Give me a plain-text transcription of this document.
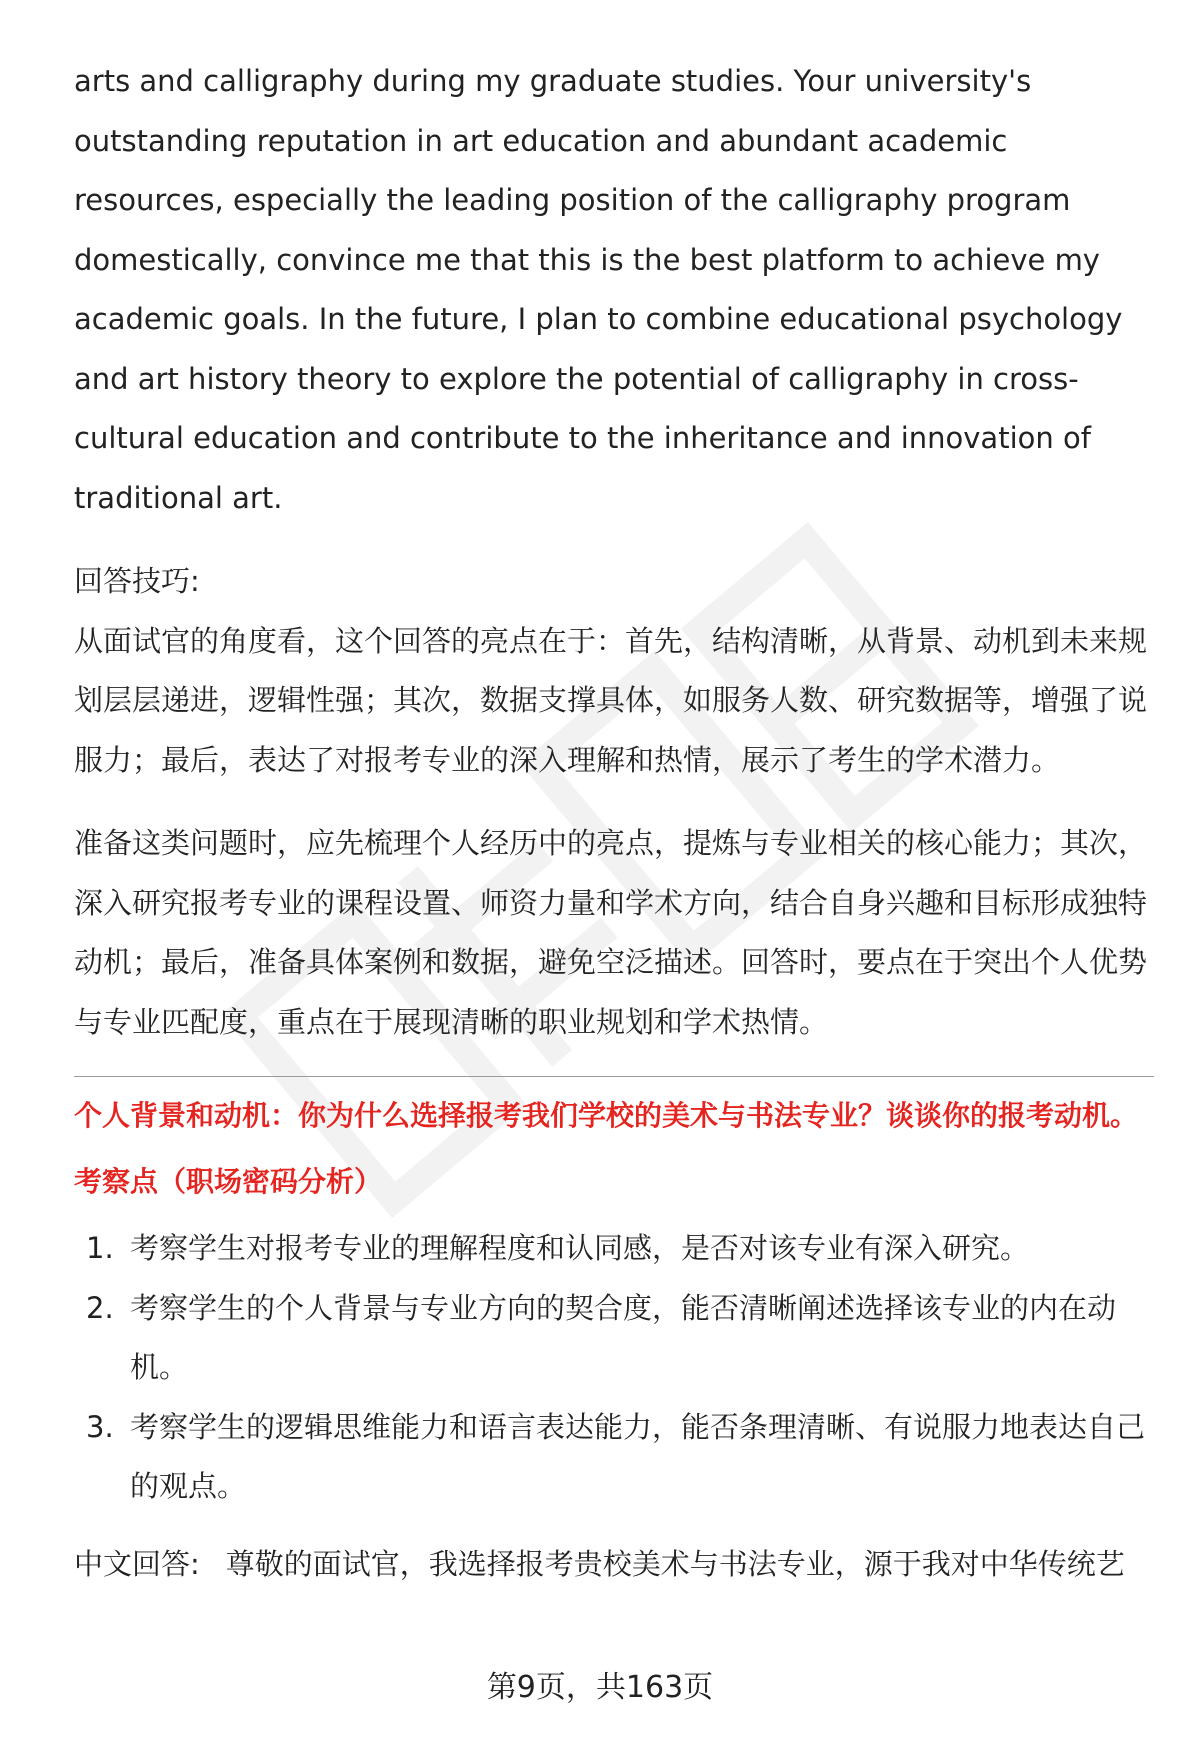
arts and calligraphy during my graduate studies. Your university's outstanding reputation in art education and abundant academic resources, especially the leading position of the calligraphy program domestically, convince me that this is the best platform to achieve my academic goals. In the future, I plan to combine educational psychology and art history theory to explore the potential of calligraphy in cross-cultural education and contribute to the inheritance and innovation of traditional art.

回答技巧:

从面试官的角度看，这个回答的亮点在于：首先，结构清晰，从背景、动机到未来规划层层递进，逻辑性强；其次，数据支撑具体，如服务人数、研究数据等，增强了说服力；最后，表达了对报考专业的深入理解和热情，展示了考生的学术潜力。

准备这类问题时，应先梳理个人经历中的亮点，提炼与专业相关的核心能力；其次，深入研究报考专业的课程设置、师资力量和学术方向，结合自身兴趣和目标形成独特动机；最后，准备具体案例和数据，避免空泛描述。回答时，要点在于突出个人优势与专业匹配度，重点在于展现清晰的职业规划和学术热情。

个人背景和动机：你为什么选择报考我们学校的美术与书法专业？谈谈你的报考动机。

考察点（职场密码分析）

1. 考察学生对报考专业的理解程度和认同感，是否对该专业有深入研究。
2. 考察学生的个人背景与专业方向的契合度，能否清晰阐述选择该专业的内在动机。
3. 考察学生的逻辑思维能力和语言表达能力，能否条理清晰、有说服力地表达自己的观点。

中文回答: 尊敬的面试官，我选择报考贵校美术与书法专业，源于我对中华传统艺

第9页，共163页
